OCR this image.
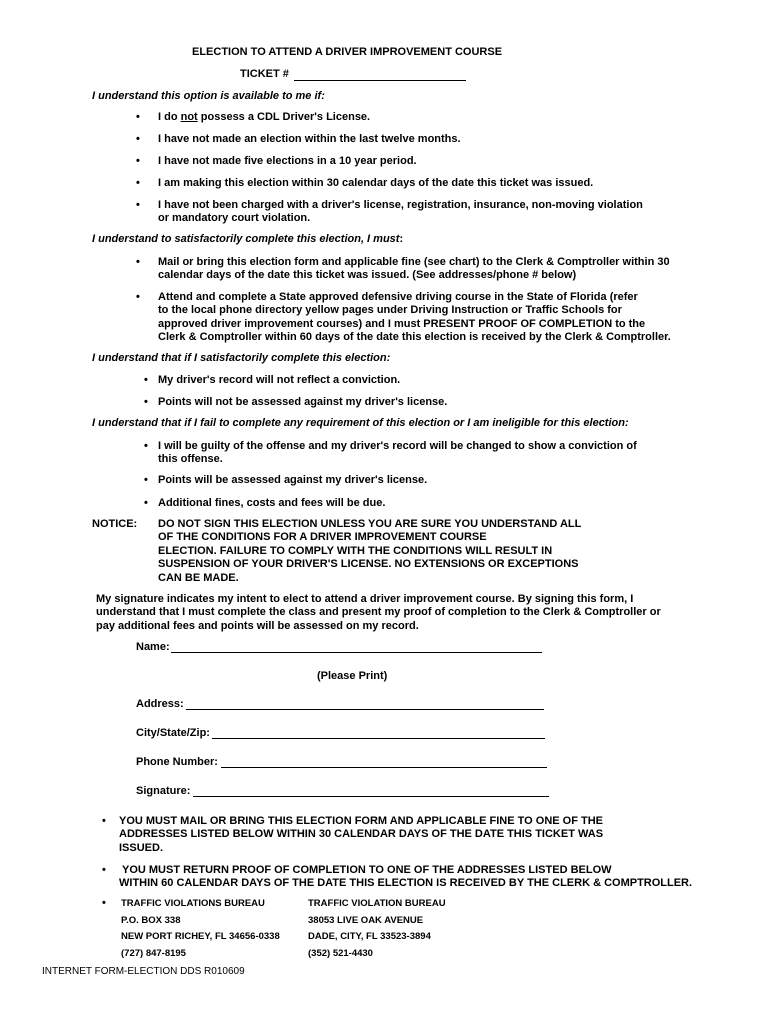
ELECTION TO ATTEND A DRIVER IMPROVEMENT COURSE
TICKET #
I understand this option is available to me if:
• I do not possess a CDL Driver's License.
• I have not made an election within the last twelve months.
• I have not made five elections in a 10 year period.
• I am making this election within 30 calendar days of the date this ticket was issued.
• I have not been charged with a driver's license, registration, insurance, non-moving violation
or mandatory court violation.
I understand to satisfactorily complete this election, I must:
• Mail or bring this election form and applicable fine (see chart) to the Clerk & Comptroller within 30
calendar days of the date this ticket was issued. (See addresses/phone # below)
• Attend and complete a State approved defensive driving course in the State of Florida (refer
to the local phone directory yellow pages under Driving Instruction or Traffic Schools for
approved driver improvement courses) and I must PRESENT PROOF OF COMPLETION to the
Clerk & Comptroller within 60 days of the date this election is received by the Clerk & Comptroller.
I understand that if I satisfactorily complete this election:
• My driver's record will not reflect a conviction.
• Points will not be assessed against my driver's license.
I understand that if I fail to complete any requirement of this election or I am ineligible for this election:
• I will be guilty of the offense and my driver's record will be changed to show a conviction of
this offense.
• Points will be assessed against my driver's license.
• Additional fines, costs and fees will be due.
NOTICE: DO NOT SIGN THIS ELECTION UNLESS YOU ARE SURE YOU UNDERSTAND ALL
OF THE CONDITIONS FOR A DRIVER IMPROVEMENT COURSE
ELECTION. FAILURE TO COMPLY WITH THE CONDITIONS WILL RESULT IN
SUSPENSION OF YOUR DRIVER'S LICENSE. NO EXTENSIONS OR EXCEPTIONS
CAN BE MADE.
My signature indicates my intent to elect to attend a driver improvement course. By signing this form, I
understand that I must complete the class and present my proof of completion to the Clerk & Comptroller or
pay additional fees and points will be assessed on my record.
Name:
(Please Print)
Address:
City/State/Zip:
Phone Number:
Signature:
• YOU MUST MAIL OR BRING THIS ELECTION FORM AND APPLICABLE FINE TO ONE OF THE
ADDRESSES LISTED BELOW WITHIN 30 CALENDAR DAYS OF THE DATE THIS TICKET WAS
ISSUED.
• YOU MUST RETURN PROOF OF COMPLETION TO ONE OF THE ADDRESSES LISTED BELOW
WITHIN 60 CALENDAR DAYS OF THE DATE THIS ELECTION IS RECEIVED BY THE CLERK & COMPTROLLER.
• TRAFFIC VIOLATIONS BUREAU
P.O. BOX 338
NEW PORT RICHEY, FL 34656-0338
(727) 847-8195
TRAFFIC VIOLATION BUREAU
38053 LIVE OAK AVENUE
DADE, CITY, FL 33523-3894
(352) 521-4430
INTERNET FORM-ELECTION DDS R010609
